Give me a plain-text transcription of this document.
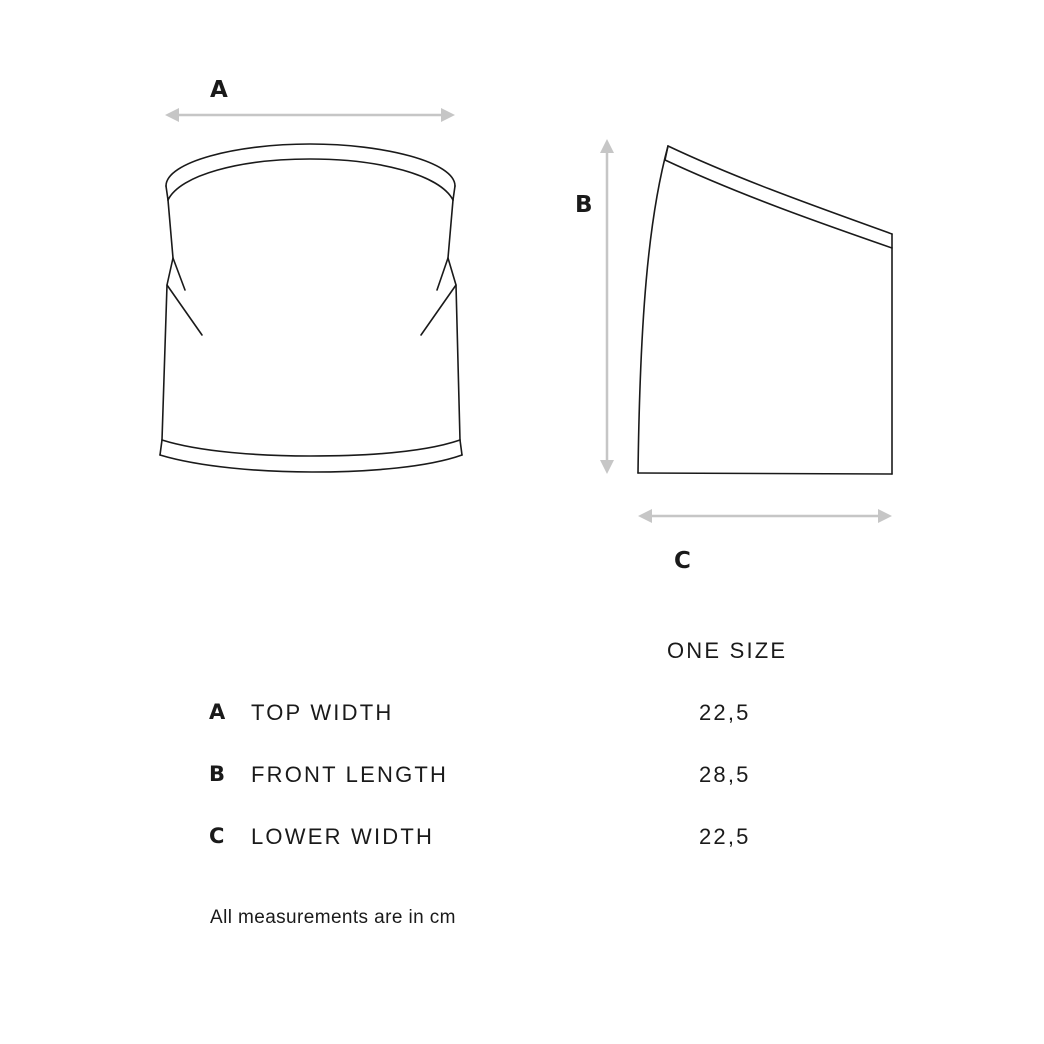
A
B
C
ONE SIZE
A TOP WIDTH	22,5
B FRONT LENGTH	28,5
C LOWER WIDTH	22,5
All measurements are in cm
